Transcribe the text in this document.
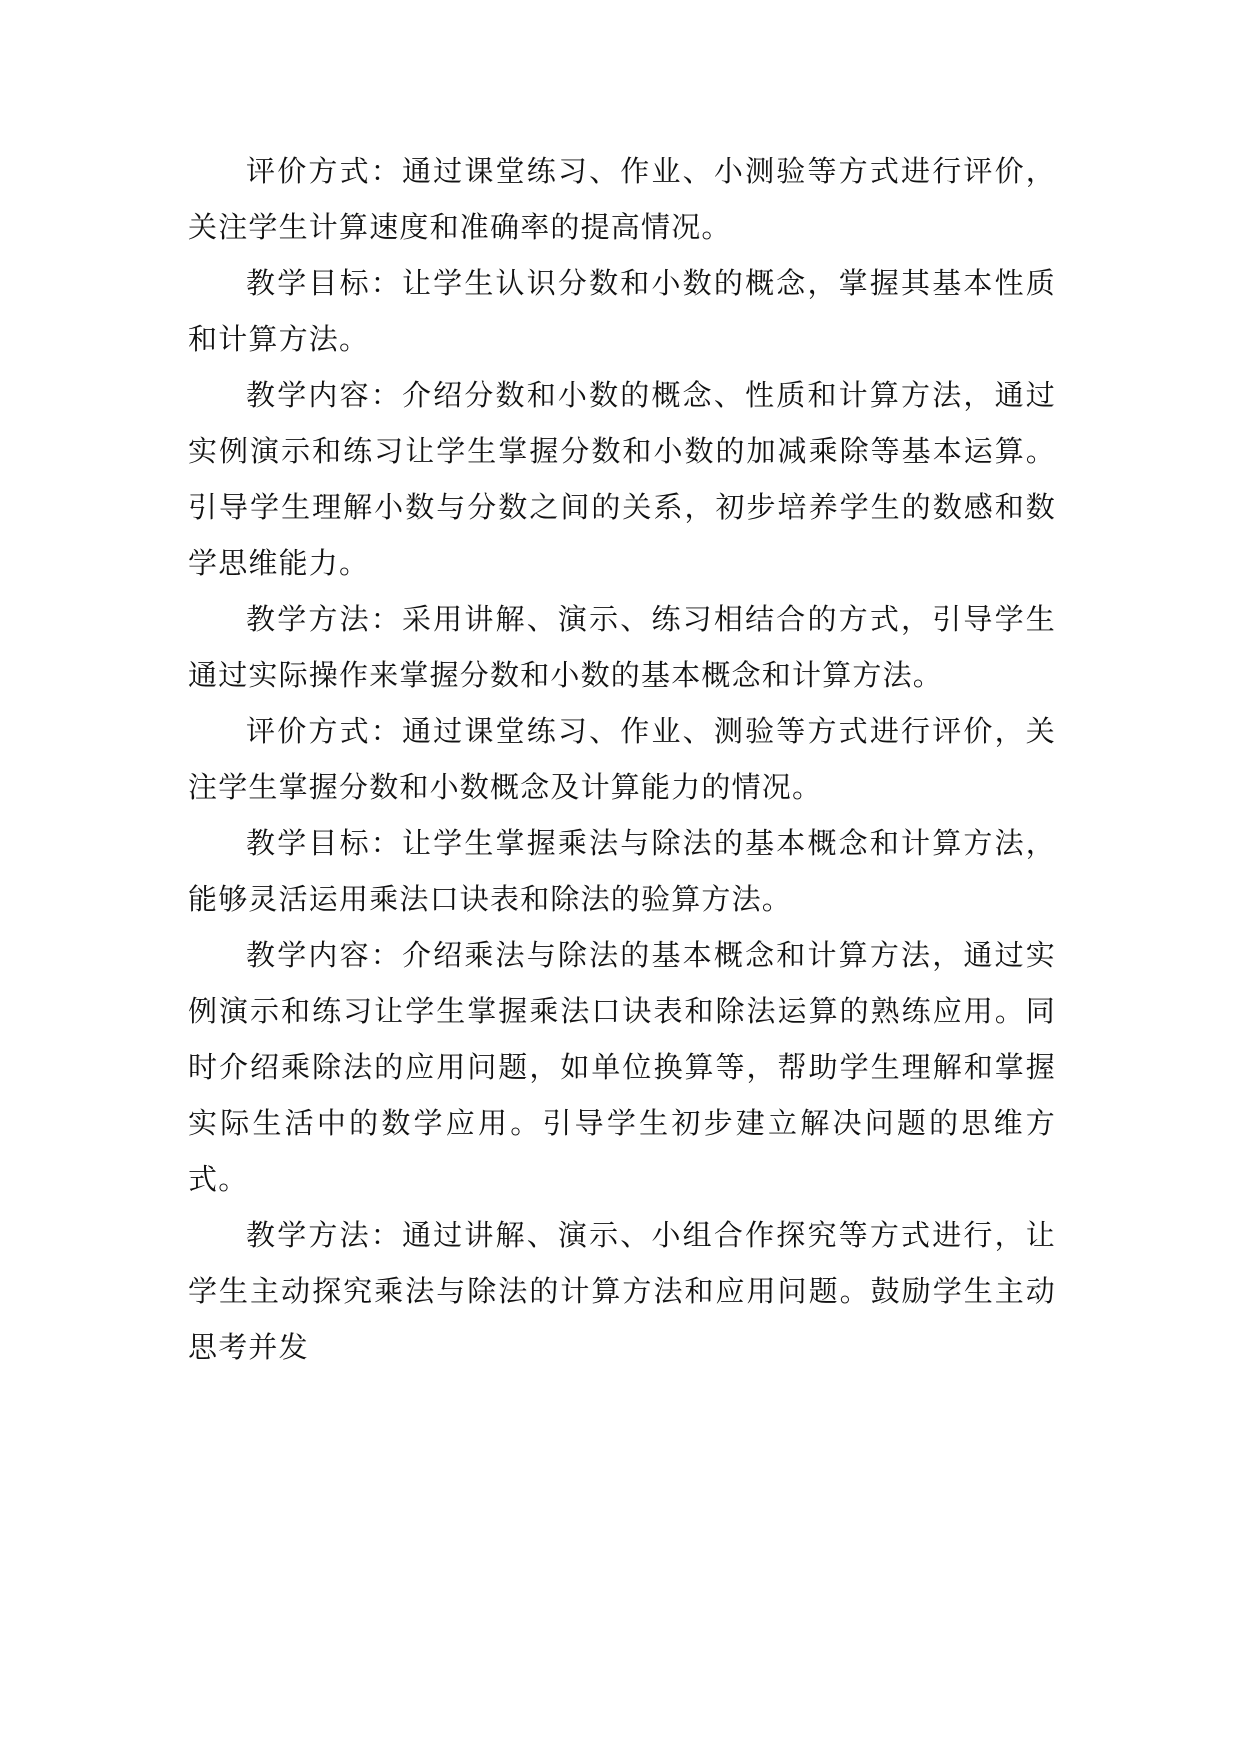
评价方式：通过课堂练习、作业、小测验等方式进行评价，关注学生计算速度和准确率的提高情况。

教学目标：让学生认识分数和小数的概念，掌握其基本性质和计算方法。

教学内容：介绍分数和小数的概念、性质和计算方法，通过实例演示和练习让学生掌握分数和小数的加减乘除等基本运算。引导学生理解小数与分数之间的关系，初步培养学生的数感和数学思维能力。

教学方法：采用讲解、演示、练习相结合的方式，引导学生通过实际操作来掌握分数和小数的基本概念和计算方法。

评价方式：通过课堂练习、作业、测验等方式进行评价，关注学生掌握分数和小数概念及计算能力的情况。

教学目标：让学生掌握乘法与除法的基本概念和计算方法，能够灵活运用乘法口诀表和除法的验算方法。

教学内容：介绍乘法与除法的基本概念和计算方法，通过实例演示和练习让学生掌握乘法口诀表和除法运算的熟练应用。同时介绍乘除法的应用问题，如单位换算等，帮助学生理解和掌握实际生活中的数学应用。引导学生初步建立解决问题的思维方式。

教学方法：通过讲解、演示、小组合作探究等方式进行，让学生主动探究乘法与除法的计算方法和应用问题。鼓励学生主动思考并发
